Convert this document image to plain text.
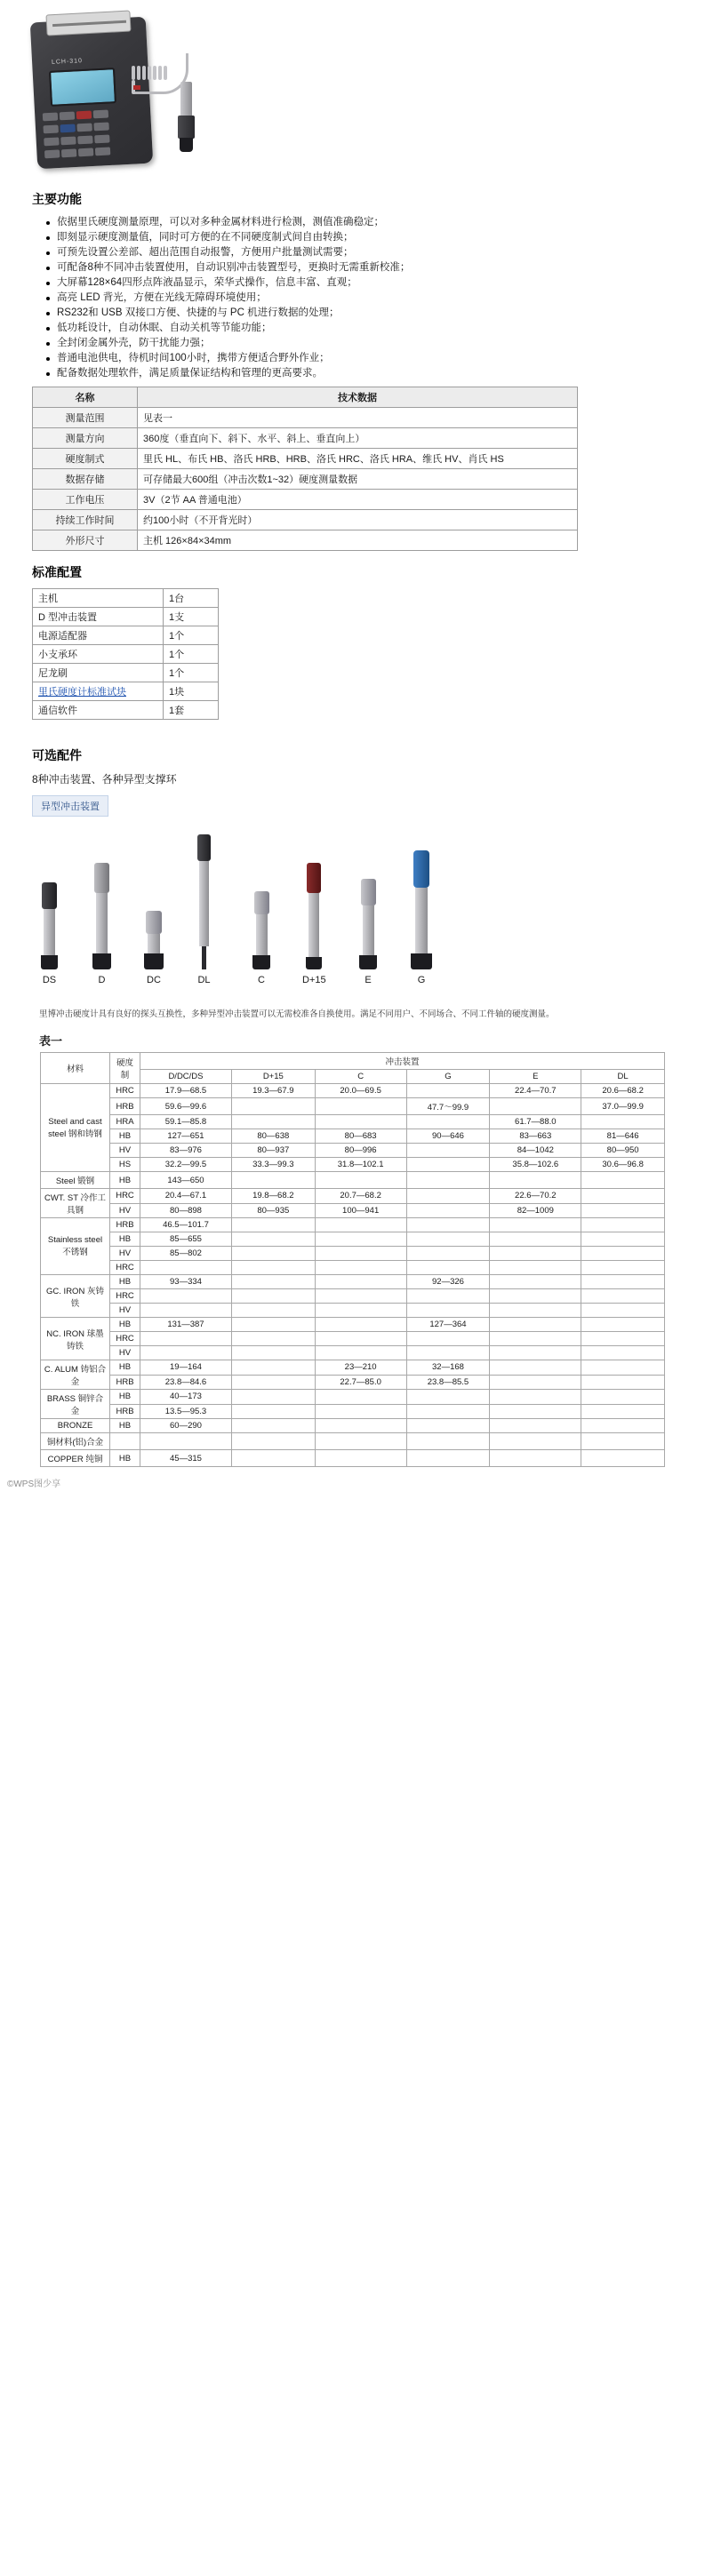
LCH-310

主要功能
依据里氏硬度测量原理，可以对多种金属材料进行检测，测值准确稳定；
即刻显示硬度测量值，同时可方便的在不同硬度制式间自由转换；
可预先设置公差部、超出范围自动报警，方便用户批量测试需要；
可配备8种不同冲击装置使用，自动识别冲击装置型号，更换时无需重新校准；
大屏幕128×64四形点阵液晶显示，荣华式操作，信息丰富、直观；
高亮 LED 背光，方便在光线无障碍环境使用；
RS232和 USB 双接口方便、快捷的与 PC 机进行数据的处理；
低功耗设计，自动休眠、自动关机等节能功能；
全封闭金属外壳，防干扰能力强；
普通电池供电，待机时间100小时，携带方便适合野外作业；
配备数据处理软件，满足质量保证结构和管理的更高要求。
名称	技术数据
测量范围	见表一
测量方向	360度（垂直向下、斜下、水平、斜上、垂直向上）
硬度制式	里氏 HL、布氏 HB、洛氏 HRB、HRB、洛氏 HRC、洛氏 HRA、维氏 HV、肖氏 HS
数据存储	可存储最大600组（冲击次数1~32）硬度测量数据
工作电压	3V（2节 AA 普通电池）
持续工作时间	约100小时（不开背光时）
外形尺寸	主机 126×84×34mm
标准配置
主机	1台
D 型冲击装置	1支
电源适配器	1个
小支承环	1个
尼龙刷	1个
里氏硬度计标准试块	1块
通信软件	1套
可选配件
8种冲击装置、各种异型支撑环
异型冲击装置
DS	D	DC	DL	C	D+15	E	G
里博冲击硬度计具有良好的探头互换性，多种异型冲击装置可以无需校准各自换使用。满足不同用户、不同场合、不同工件轴的硬度测量。
表一
材料	硬度制	冲击装置					
		D/DC/DS	D+15	C	G	E	DL
Steel and cast steel 钢和铸钢	HRC	17.9—68.5	19.3—67.9	20.0—69.5		22.4—70.7	20.6—68.2
	HRB	59.6—99.6			47.7～99.9		37.0—99.9
	HRA	59.1—85.8				61.7—88.0	
	HB	127—651	80—638	80—683	90—646	83—663	81—646
	HV	83—976	80—937	80—996		84—1042	80—950
	HS	32.2—99.5	33.3—99.3	31.8—102.1		35.8—102.6	30.6—96.8
Steel 锻钢	HB	143—650					
CWT. ST 冷作工具钢	HRC	20.4—67.1	19.8—68.2	20.7—68.2		22.6—70.2	
	HV	80—898	80—935	100—941		82—1009	
Stainless steel 不锈钢	HRB	46.5—101.7					
	HB	85—655					
	HV	85—802					
	HRC						
GC. IRON 灰铸铁	HB	93—334			92—326		
	HRC						
	HV						
NC. IRON 球墨铸铁	HB	131—387			127—364		
	HRC						
	HV						
C. ALUM 铸铝合金	HB	19—164		23—210	32—168		
	HRB	23.8—84.6		22.7—85.0	23.8—85.5		
BRASS 铜锌合金	HB	40—173					
	HRB	13.5—95.3					
BRONZE	HB	60—290					
铜材料(铝)合金							
COPPER 纯铜	HB	45—315					
©WPS图少享
